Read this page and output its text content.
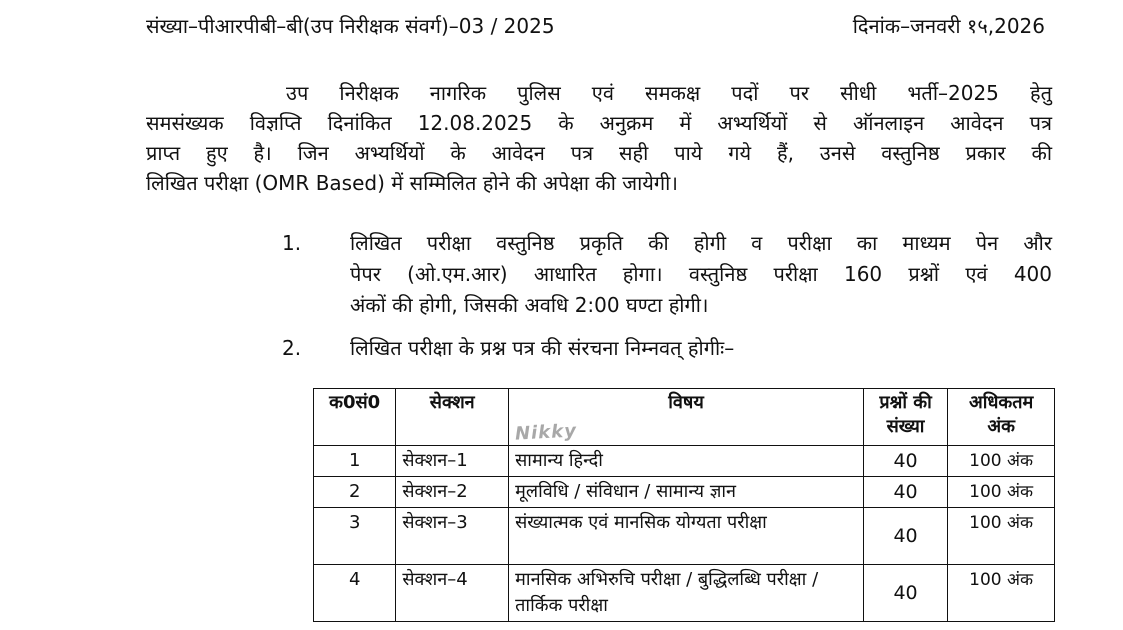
संख्या–पीआरपीबी–बी(उप निरीक्षक संवर्ग)–03 / 2025	दिनांक–जनवरी १५,2026

उप निरीक्षक नागरिक पुलिस एवं समकक्ष पदों पर सीधी भर्ती–2025 हेतु
समसंख्यक विज्ञप्ति दिनांकित 12.08.2025 के अनुक्रम में अभ्यर्थियों से ऑनलाइन आवेदन पत्र
प्राप्त हुए है। जिन अभ्यर्थियों के आवेदन पत्र सही पाये गये हैं, उनसे वस्तुनिष्ठ प्रकार की
लिखित परीक्षा (OMR Based) में सम्मिलित होने की अपेक्षा की जायेगी।

1. लिखित परीक्षा वस्तुनिष्ठ प्रकृति की होगी व परीक्षा का माध्यम पेन और
पेपर (ओ.एम.आर) आधारित होगा। वस्तुनिष्ठ परीक्षा 160 प्रश्नों एवं 400
अंकों की होगी, जिसकी अवधि 2:00 घण्टा होगी।
2. लिखित परीक्षा के प्रश्न पत्र की संरचना निम्नवत् होगीः–
क0सं0	सेक्शन	विषय	प्रश्नों की संख्या	अधिकतम अंक
1	सेक्शन–1	सामान्य हिन्दी	40	100 अंक
2	सेक्शन–2	मूलविधि / संविधान / सामान्य ज्ञान	40	100 अंक
3	सेक्शन–3	संख्यात्मक एवं मानसिक योग्यता परीक्षा	40	100 अंक
4	सेक्शन–4	मानसिक अभिरुचि परीक्षा / बुद्धिलब्धि परीक्षा / तार्किक परीक्षा	40	100 अंक
Nikky
